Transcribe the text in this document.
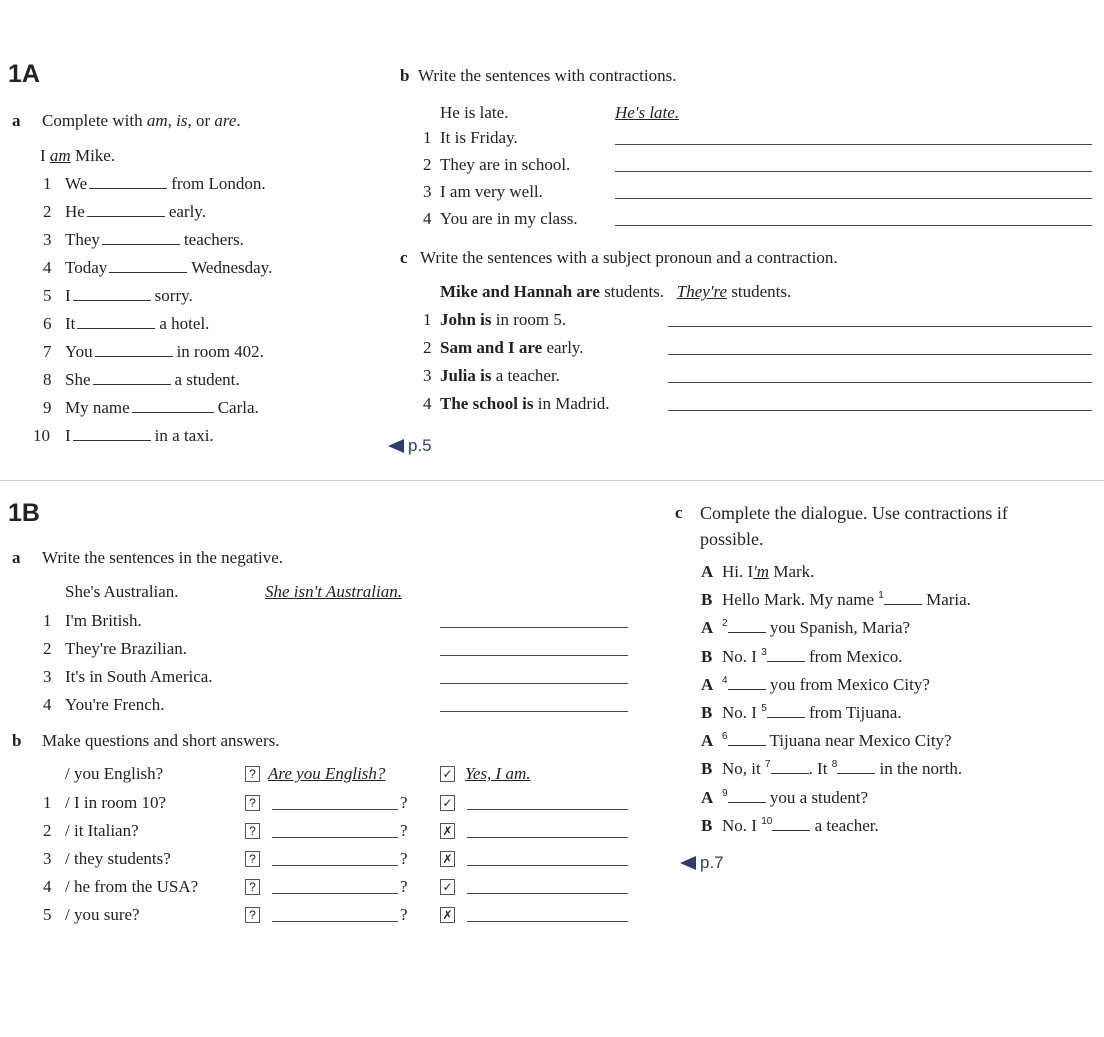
1A
a Complete with am, is, or are.
b Write the sentences with contractions.
He is late.	He's late.
c Write the sentences with a subject pronoun and a contraction.
Mike and Hannah are students. They're students.
p.5
1B
a Write the sentences in the negative.
She's Australian.	She isn't Australian.
b Make questions and short answers.
/ you English?	? Are you English?	✓ Yes, I am.
c Complete the dialogue. Use contractions if
possible.
p.7
I am Mike.
1 We	from London.
2 He	early.
3 They	teachers.
4 Today	Wednesday.
5 I	sorry.
6 It	a hotel.
7 You	in room 402.
8 She	a student.
9 My name	Carla.
10 I	in a taxi.
1 It is Friday.
2 They are in school.
3 I am very well.
4 You are in my class.
1 John is in room 5.
2 Sam and I are early.
3 Julia is a teacher.
4 The school is in Madrid.
1 I'm British.
2 They're Brazilian.
3 It's in South America.
4 You're French.
1 / I in room 10?	?	?	✓
2 / it Italian?	?	?	✗
3 / they students?	?	?	✗
4 / he from the USA?	?	?	✓
5 / you sure?	?	?	✗
A Hi. I'm Mark.
B Hello Mark. My name $^1$ Maria.
A $^2$ you Spanish, Maria?
B No. I $^3$ from Mexico.
A $^4$ you from Mexico City?
B No. I $^5$ from Tijuana.
A $^6$ Tijuana near Mexico City?
B No, it $^7$ . It $^8$ in the north.
A $^9$ you a student?
B No. I $^{10}$ a teacher.
